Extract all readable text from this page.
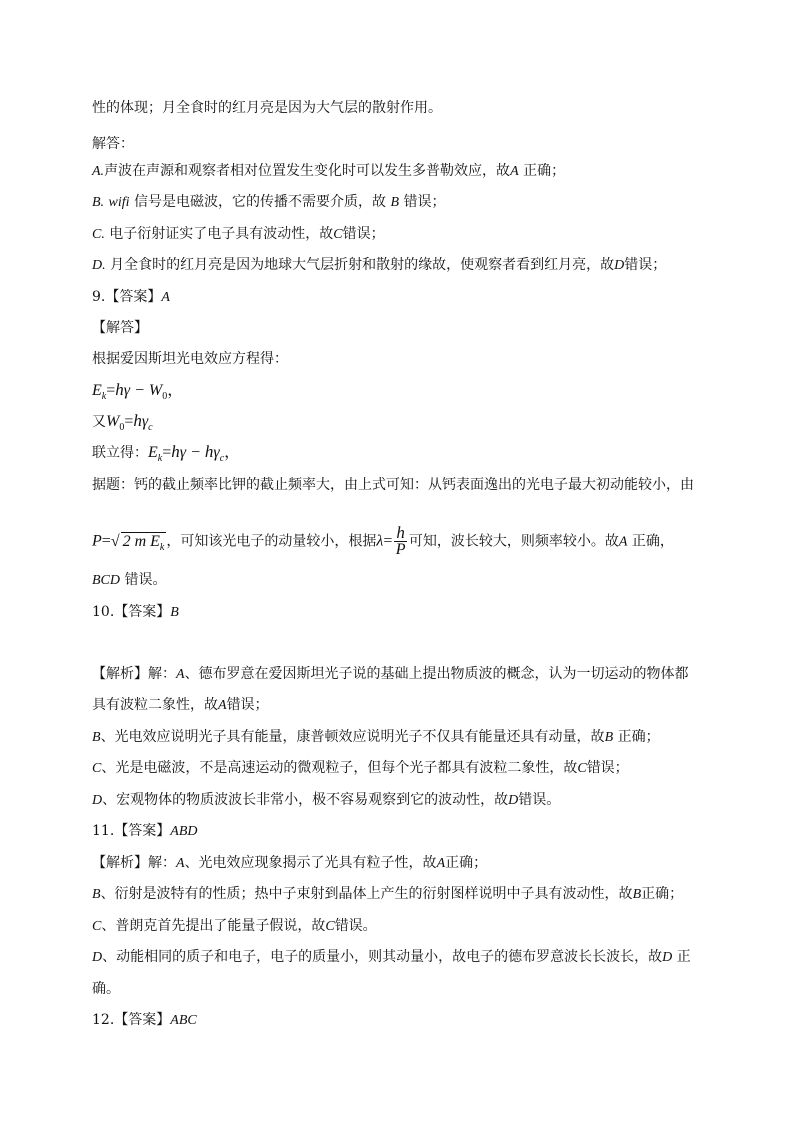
性的体现；月全食时的红月亮是因为大气层的散射作用。
解答：
A.声波在声源和观察者相对位置发生变化时可以发生多普勒效应，故A 正确；
B. wifi 信号是电磁波，它的传播不需要介质，故 B 错误；
C. 电子衍射证实了电子具有波动性，故C错误；
D. 月全食时的红月亮是因为地球大气层折射和散射的缘故，使观察者看到红月亮，故D错误；
9.【答案】A
【解答】
根据爱因斯坦光电效应方程得：
$E_k=h\gamma - W_0$，
又$W_0=h\gamma_c$
联立得：$E_k=h\gamma - h\gamma_c$，
据题：钙的截止频率比钾的截止频率大，由上式可知：从钙表面逸出的光电子最大初动能较小，由
P=√ 2 m $E_k$ ，可知该光电子的动量较小，根据$\lambda= \frac{h}{P}$ 可知，波长较大，则频率较小。故A 正确，
BCD 错误。
10.【答案】B
【解析】解：A、德布罗意在爱因斯坦光子说的基础上提出物质波的概念，认为一切运动的物体都
具有波粒二象性，故A错误；
B、光电效应说明光子具有能量，康普顿效应说明光子不仅具有能量还具有动量，故B 正确；
C、光是电磁波，不是高速运动的微观粒子，但每个光子都具有波粒二象性，故C错误；
D、宏观物体的物质波波长非常小，极不容易观察到它的波动性，故D错误。
11.【答案】ABD
【解析】解：A、光电效应现象揭示了光具有粒子性，故A正确；
B、衍射是波特有的性质；热中子束射到晶体上产生的衍射图样说明中子具有波动性，故B正确；
C、普朗克首先提出了能量子假说，故C错误。
D、动能相同的质子和电子，电子的质量小，则其动量小，故电子的德布罗意波长长波长，故D 正
确。
12.【答案】ABC
